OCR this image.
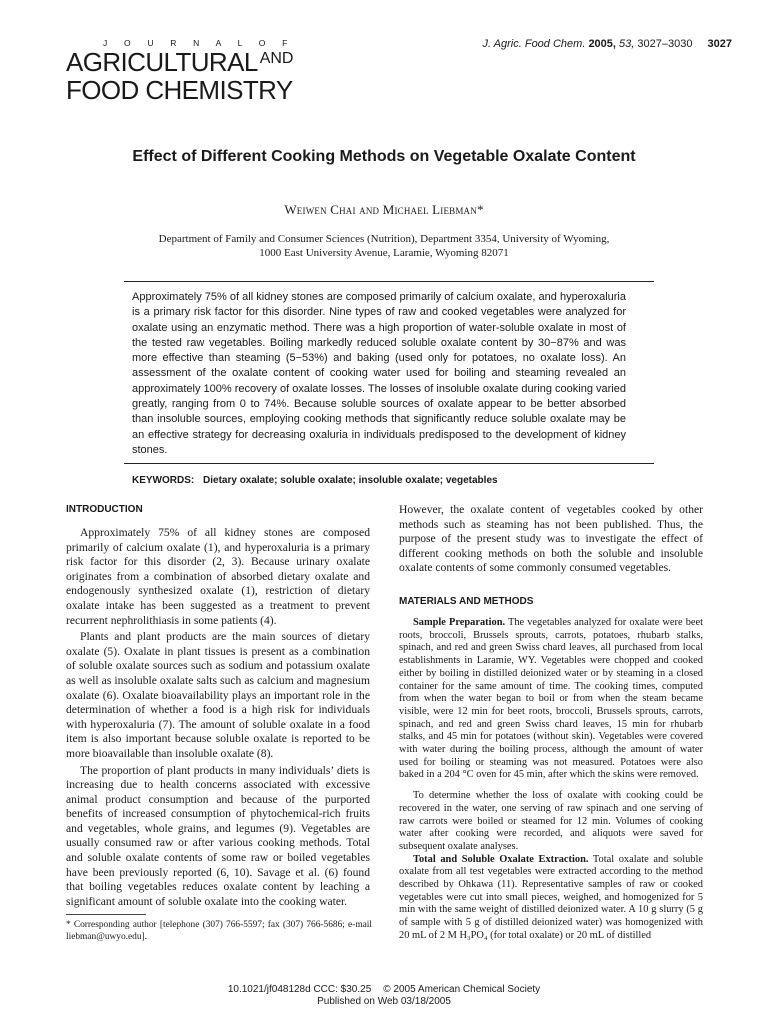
J O U R N A L O F
AGRICULTURAL $^{AND}$
FOOD CHEMISTRY
J. Agric. Food Chem. 2005, 53, 3027–3030 3027
Effect of Different Cooking Methods on Vegetable Oxalate Content
Weiwen Chai and Michael Liebman*
Department of Family and Consumer Sciences (Nutrition), Department 3354, University of Wyoming,
1000 East University Avenue, Laramie, Wyoming 82071
Approximately 75% of all kidney stones are composed primarily of calcium oxalate, and hyperoxaluria is a primary risk factor for this disorder. Nine types of raw and cooked vegetables were analyzed for oxalate using an enzymatic method. There was a high proportion of water-soluble oxalate in most of the tested raw vegetables. Boiling markedly reduced soluble oxalate content by 30−87% and was more effective than steaming (5−53%) and baking (used only for potatoes, no oxalate loss). An assessment of the oxalate content of cooking water used for boiling and steaming revealed an approximately 100% recovery of oxalate losses. The losses of insoluble oxalate during cooking varied greatly, ranging from 0 to 74%. Because soluble sources of oxalate appear to be better absorbed than insoluble sources, employing cooking methods that significantly reduce soluble oxalate may be an effective strategy for decreasing oxaluria in individuals predisposed to the development of kidney stones.
KEYWORDS: Dietary oxalate; soluble oxalate; insoluble oxalate; vegetables
INTRODUCTION

Approximately 75% of all kidney stones are composed primarily of calcium oxalate (1), and hyperoxaluria is a primary risk factor for this disorder (2, 3). Because urinary oxalate originates from a combination of absorbed dietary oxalate and endogenously synthesized oxalate (1), restriction of dietary oxalate intake has been suggested as a treatment to prevent recurrent nephrolithiasis in some patients (4).

Plants and plant products are the main sources of dietary oxalate (5). Oxalate in plant tissues is present as a combination of soluble oxalate sources such as sodium and potassium oxalate as well as insoluble oxalate salts such as calcium and magnesium oxalate (6). Oxalate bioavailability plays an important role in the determination of whether a food is a high risk for individuals with hyperoxaluria (7). The amount of soluble oxalate in a food item is also important because soluble oxalate is reported to be more bioavailable than insoluble oxalate (8).

The proportion of plant products in many individuals’ diets is increasing due to health concerns associated with excessive animal product consumption and because of the purported benefits of increased consumption of phytochemical-rich fruits and vegetables, whole grains, and legumes (9). Vegetables are usually consumed raw or after various cooking methods. Total and soluble oxalate contents of some raw or boiled vegetables have been previously reported (6, 10). Savage et al. (6) found that boiling vegetables reduces oxalate content by leaching a significant amount of soluble oxalate into the cooking water.

However, the oxalate content of vegetables cooked by other methods such as steaming has not been published. Thus, the purpose of the present study was to investigate the effect of different cooking methods on both the soluble and insoluble oxalate contents of some commonly consumed vegetables.

MATERIALS AND METHODS

Sample Preparation. The vegetables analyzed for oxalate were beet roots, broccoli, Brussels sprouts, carrots, potatoes, rhubarb stalks, spinach, and red and green Swiss chard leaves, all purchased from local establishments in Laramie, WY. Vegetables were chopped and cooked either by boiling in distilled deionized water or by steaming in a closed container for the same amount of time. The cooking times, computed from when the water began to boil or from when the steam became visible, were 12 min for beet roots, broccoli, Brussels sprouts, carrots, spinach, and red and green Swiss chard leaves, 15 min for rhubarb stalks, and 45 min for potatoes (without skin). Vegetables were covered with water during the boiling process, although the amount of water used for boiling or steaming was not measured. Potatoes were also baked in a 204 °C oven for 45 min, after which the skins were removed.

To determine whether the loss of oxalate with cooking could be recovered in the water, one serving of raw spinach and one serving of raw carrots were boiled or steamed for 12 min. Volumes of cooking water after cooking were recorded, and aliquots were saved for subsequent oxalate analyses.

Total and Soluble Oxalate Extraction. Total oxalate and soluble oxalate from all test vegetables were extracted according to the method described by Ohkawa (11). Representative samples of raw or cooked vegetables were cut into small pieces, weighed, and homogenized for 5 min with the same weight of distilled deionized water. A 10 g slurry (5 g of sample with 5 g of distilled deionized water) was homogenized with 20 mL of 2 M H₃PO₄ (for total oxalate) or 20 mL of distilled

* Corresponding author [telephone (307) 766-5597; fax (307) 766-5686; e-mail liebman@uwyo.edu].
10.1021/jf048128d CCC: $30.25 © 2005 American Chemical Society
Published on Web 03/18/2005
